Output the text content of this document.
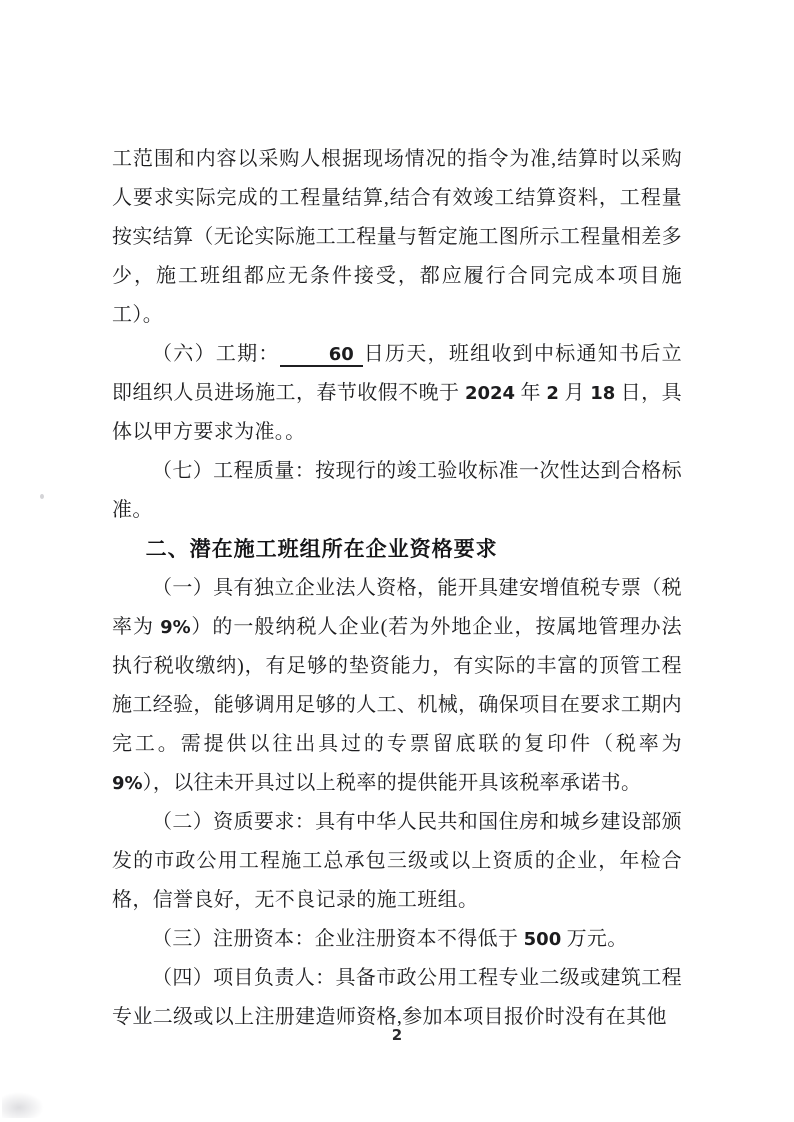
工范围和内容以采购人根据现场情况的指令为准,结算时以采购人要求实际完成的工程量结算,结合有效竣工结算资料，工程量按实结算（无论实际施工工程量与暂定施工图所示工程量相差多少，施工班组都应无条件接受，都应履行合同完成本项目施工）。

（六）工期：	60 日历天，班组收到中标通知书后立即组织人员进场施工，春节收假不晚于 2024 年 2 月 18 日，具体以甲方要求为准。。

（七）工程质量：按现行的竣工验收标准一次性达到合格标准。

二、潜在施工班组所在企业资格要求

（一）具有独立企业法人资格，能开具建安增值税专票（税率为 9%）的一般纳税人企业(若为外地企业，按属地管理办法执行税收缴纳)，有足够的垫资能力，有实际的丰富的顶管工程施工经验，能够调用足够的人工、机械，确保项目在要求工期内完工。需提供以往出具过的专票留底联的复印件（税率为 9%），以往未开具过以上税率的提供能开具该税率承诺书。

（二）资质要求：具有中华人民共和国住房和城乡建设部颁发的市政公用工程施工总承包三级或以上资质的企业，年检合格，信誉良好，无不良记录的施工班组。

（三）注册资本：企业注册资本不得低于 500 万元。

（四）项目负责人：具备市政公用工程专业二级或建筑工程专业二级或以上注册建造师资格,参加本项目报价时没有在其他

2
